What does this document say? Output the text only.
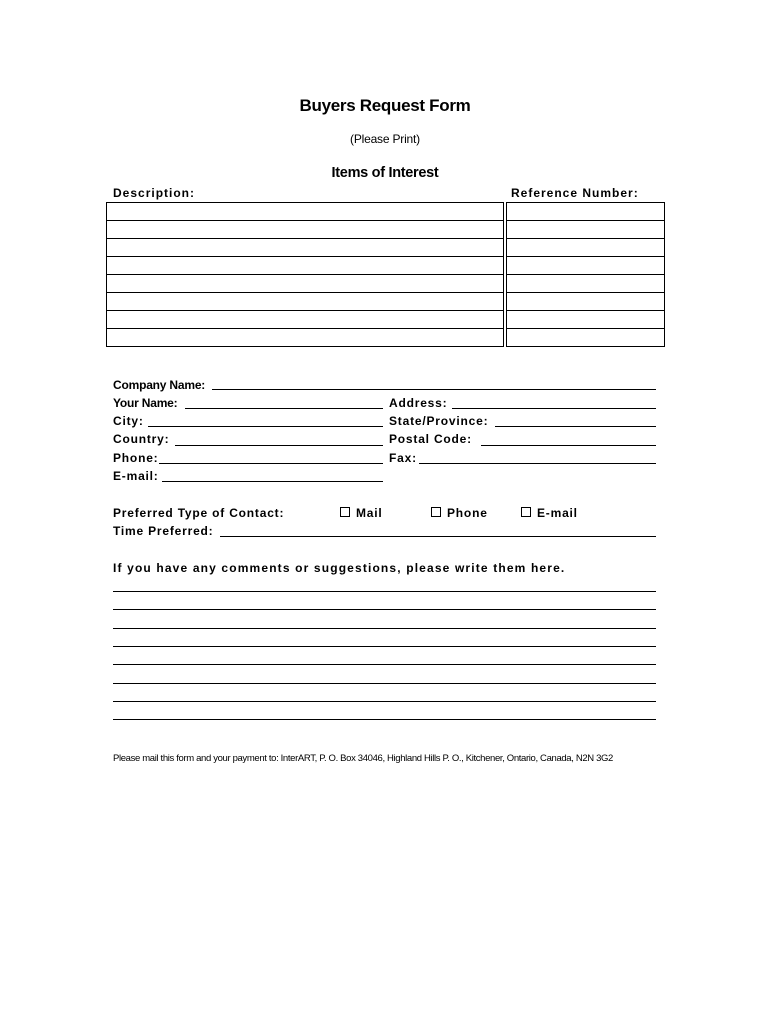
Buyers Request Form
(Please Print)
Items of Interest
Description:	Reference Number:

Company Name:
Your Name:	Address:
City:	State/Province:
Country:	Postal Code:
Phone:	Fax:
E-mail:
Preferred Type of Contact:	Mail	Phone	E-mail
Time Preferred:
If you have any comments or suggestions, please write them here.
Please mail this form and your payment to: InterART, P. O. Box 34046, Highland Hills P. O., Kitchener, Ontario, Canada, N2N 3G2
